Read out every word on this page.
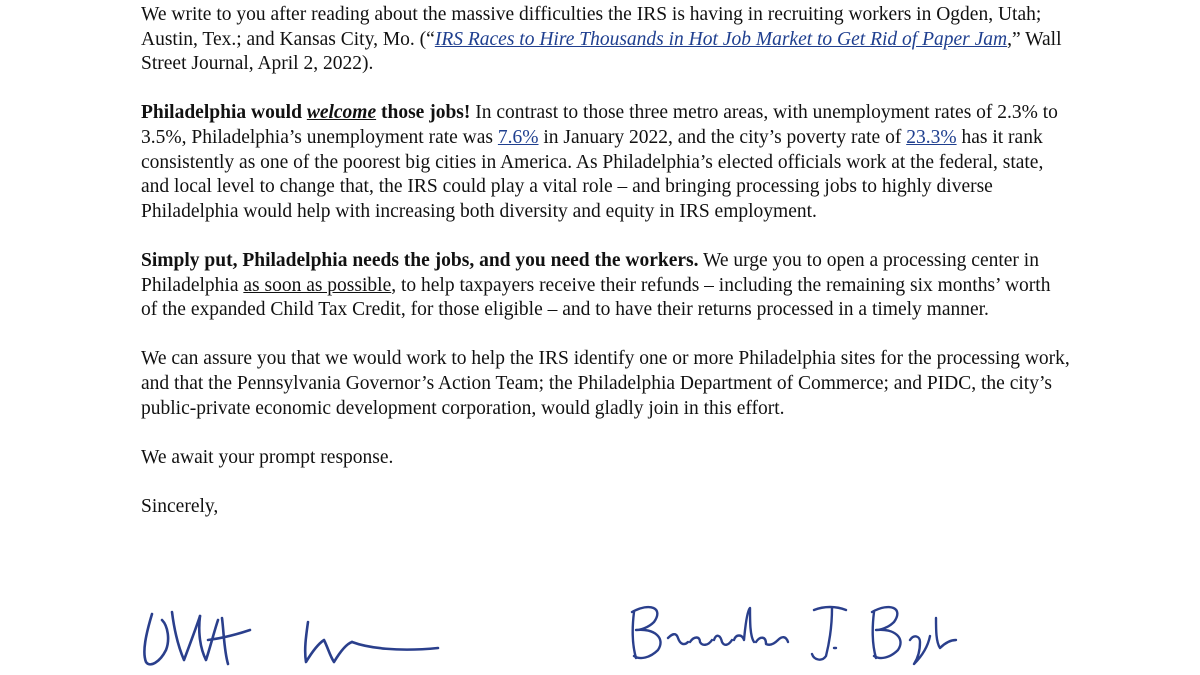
We write to you after reading about the massive difficulties the IRS is having in recruiting workers in Ogden, Utah; Austin, Tex.; and Kansas City, Mo. (“IRS Races to Hire Thousands in Hot Job Market to Get Rid of Paper Jam,” Wall Street Journal, April 2, 2022).

Philadelphia would welcome those jobs! In contrast to those three metro areas, with unemployment rates of 2.3% to 3.5%, Philadelphia’s unemployment rate was 7.6% in January 2022, and the city’s poverty rate of 23.3% has it rank consistently as one of the poorest big cities in America. As Philadelphia’s elected officials work at the federal, state, and local level to change that, the IRS could play a vital role – and bringing processing jobs to highly diverse Philadelphia would help with increasing both diversity and equity in IRS employment.

Simply put, Philadelphia needs the jobs, and you need the workers. We urge you to open a processing center in Philadelphia as soon as possible, to help taxpayers receive their refunds – including the remaining six months’ worth of the expanded Child Tax Credit, for those eligible – and to have their returns processed in a timely manner.

We can assure you that we would work to help the IRS identify one or more Philadelphia sites for the processing work, and that the Pennsylvania Governor’s Action Team; the Philadelphia Department of Commerce; and PIDC, the city’s public-private economic development corporation, would gladly join in this effort.

We await your prompt response.

Sincerely,
